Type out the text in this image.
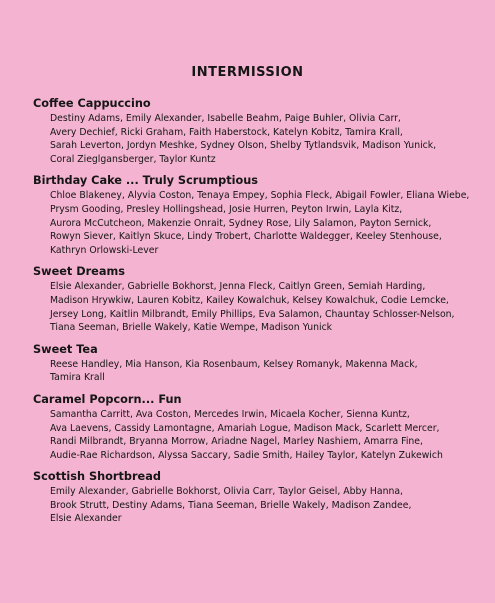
INTERMISSION
Coffee Cappuccino
Destiny Adams, Emily Alexander, Isabelle Beahm, Paige Buhler, Olivia Carr,
Avery Dechief, Ricki Graham, Faith Haberstock, Katelyn Kobitz, Tamira Krall,
Sarah Leverton, Jordyn Meshke, Sydney Olson, Shelby Tytlandsvik, Madison Yunick,
Coral Zieglgansberger, Taylor Kuntz
Birthday Cake ... Truly Scrumptious
Chloe Blakeney, Alyvia Coston, Tenaya Empey, Sophia Fleck, Abigail Fowler, Eliana Wiebe,
Prysm Gooding, Presley Hollingshead, Josie Hurren, Peyton Irwin, Layla Kitz,
Aurora McCutcheon, Makenzie Onrait, Sydney Rose, Lily Salamon, Payton Sernick,
Rowyn Siever, Kaitlyn Skuce, Lindy Trobert, Charlotte Waldegger, Keeley Stenhouse,
Kathryn Orlowski-Lever
Sweet Dreams
Elsie Alexander, Gabrielle Bokhorst, Jenna Fleck, Caitlyn Green, Semiah Harding,
Madison Hrywkiw, Lauren Kobitz, Kailey Kowalchuk, Kelsey Kowalchuk, Codie Lemcke,
Jersey Long, Kaitlin Milbrandt, Emily Phillips, Eva Salamon, Chauntay Schlosser-Nelson,
Tiana Seeman, Brielle Wakely, Katie Wempe, Madison Yunick
Sweet Tea
Reese Handley, Mia Hanson, Kia Rosenbaum, Kelsey Romanyk, Makenna Mack,
Tamira Krall
Caramel Popcorn... Fun
Samantha Carritt, Ava Coston, Mercedes Irwin, Micaela Kocher, Sienna Kuntz,
Ava Laevens, Cassidy Lamontagne, Amariah Logue, Madison Mack, Scarlett Mercer,
Randi Milbrandt, Bryanna Morrow, Ariadne Nagel, Marley Nashiem, Amarra Fine,
Audie-Rae Richardson, Alyssa Saccary, Sadie Smith, Hailey Taylor, Katelyn Zukewich
Scottish Shortbread
Emily Alexander, Gabrielle Bokhorst, Olivia Carr, Taylor Geisel, Abby Hanna,
Brook Strutt, Destiny Adams, Tiana Seeman, Brielle Wakely, Madison Zandee,
Elsie Alexander
